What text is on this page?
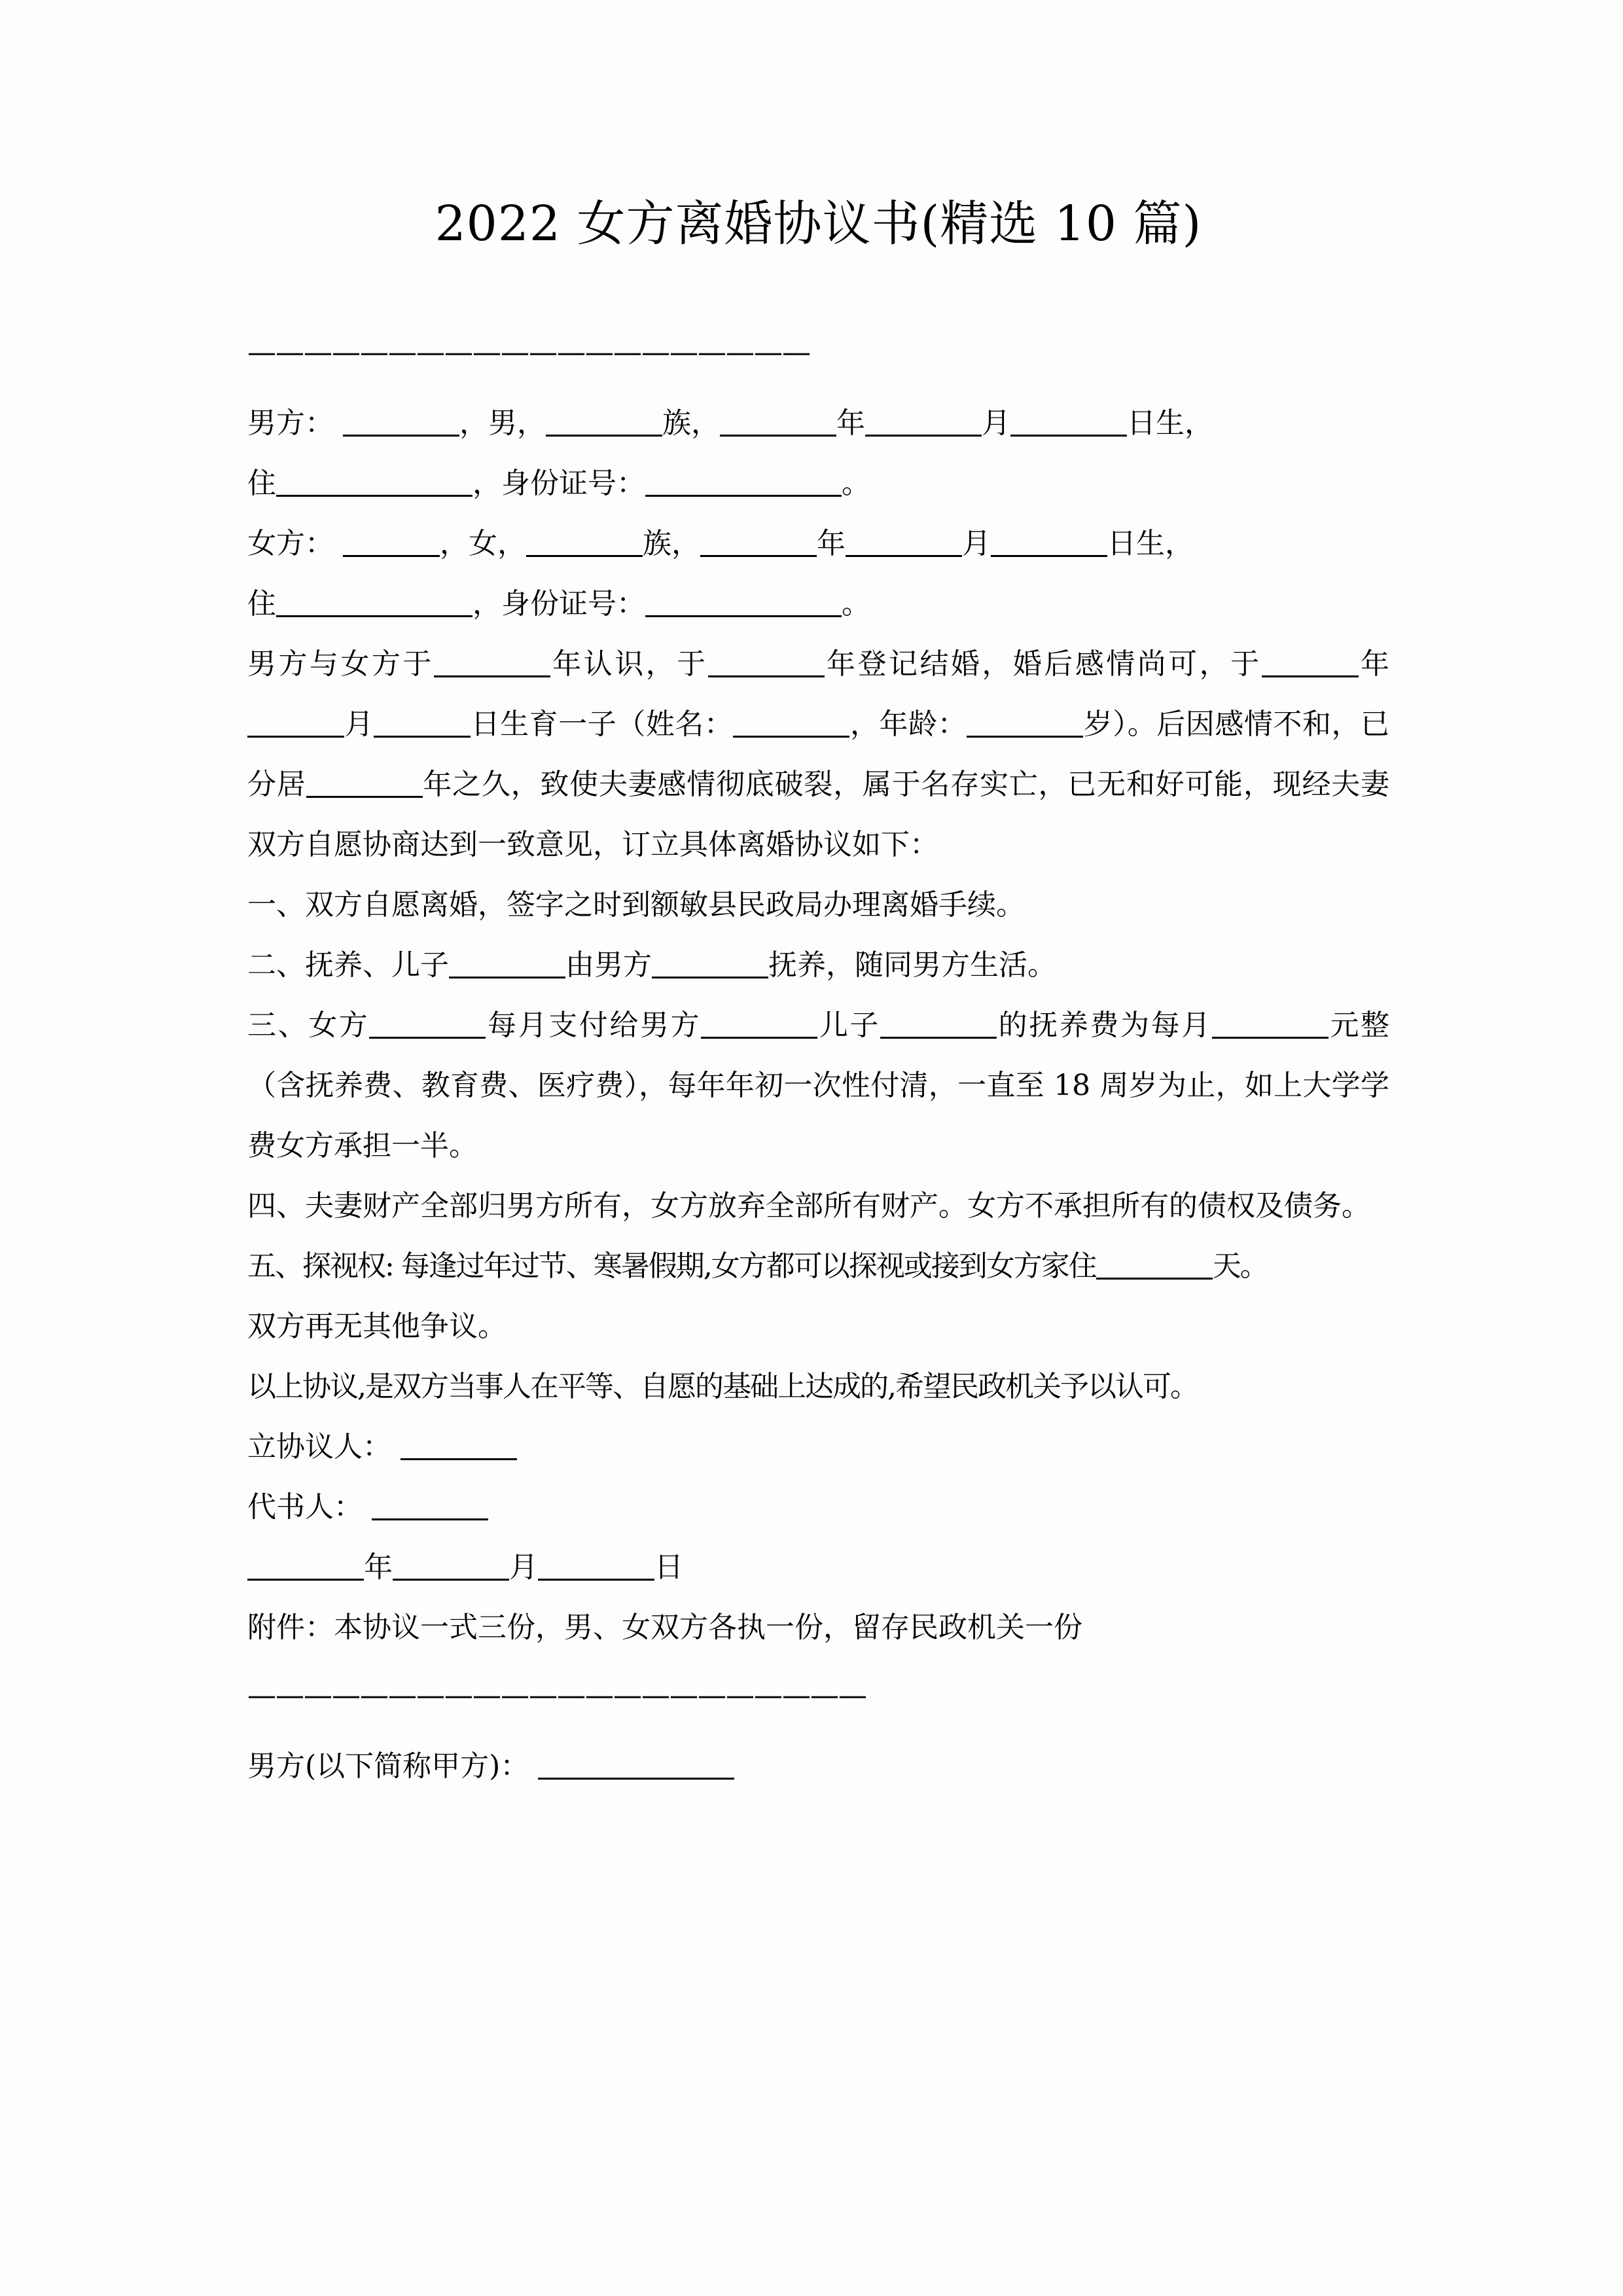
2022 女方离婚协议书(精选 10 篇)
————————————————————

男方：	，男，	族，	年	月	日生，

住	，身份证号：	。

女方：	，女，	族，	年	月	日生，

住	，身份证号：	。

男方与女方于	年认识，于	年登记结婚，婚后感情尚可，于	年月	日生育一子（姓名：	，年龄：	岁）。后因感情不和，已分居	年之久，致使夫妻感情彻底破裂，属于名存实亡，已无和好可能，现经夫妻双方自愿协商达到一致意见，订立具体离婚协议如下：

一、双方自愿离婚，签字之时到额敏县民政局办理离婚手续。

二、抚养、儿子	由男方	抚养，随同男方生活。

三、女方	每月支付给男方	儿子	的抚养费为每月	元整（含抚养费、教育费、医疗费），每年年初一次性付清，一直至 18 周岁为止，如上大学学费女方承担一半。

四、夫妻财产全部归男方所有，女方放弃全部所有财产。女方不承担所有的债权及债务。

五、探视权: 每逢过年过节、寒暑假期,女方都可以探视或接到女方家住	天。

双方再无其他争议。

以上协议,是双方当事人在平等、自愿的基础上达成的,希望民政机关予以认可。

立协议人：

代书人：

年	月	日

附件：本协议一式三份，男、女双方各执一份，留存民政机关一份

——————————————————————

男方(以下简称甲方)：
